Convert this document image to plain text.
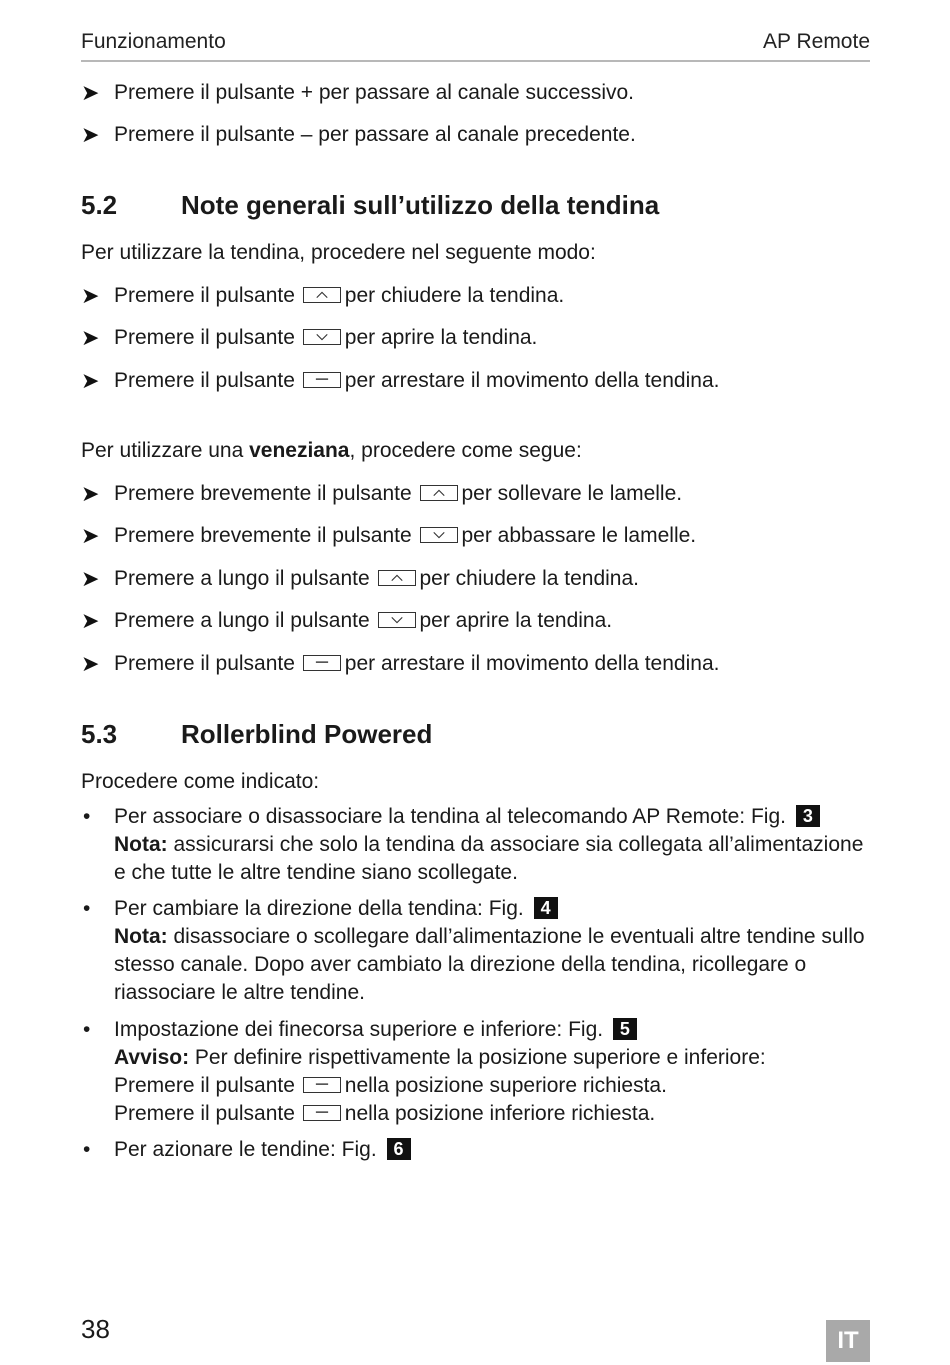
Funzionamento	AP Remote
➤ Premere il pulsante + per passare al canale successivo.
➤ Premere il pulsante – per passare al canale precedente.
5.2 Note generali sull’utilizzo della tendina
Per utilizzare la tendina, procedere nel seguente modo:
➤ Premere il pulsante per chiudere la tendina.
➤ Premere il pulsante per aprire la tendina.
➤ Premere il pulsante per arrestare il movimento della tendina.
Per utilizzare una veneziana, procedere come segue:
➤ Premere brevemente il pulsante per sollevare le lamelle.
➤ Premere brevemente il pulsante per abbassare le lamelle.
➤ Premere a lungo il pulsante per chiudere la tendina.
➤ Premere a lungo il pulsante per aprire la tendina.
➤ Premere il pulsante per arrestare il movimento della tendina.
5.3 Rollerblind Powered
Procedere come indicato:
• Per associare o disassociare la tendina al telecomando AP Remote: Fig. 3
Nota: assicurarsi che solo la tendina da associare sia collegata all’alimentazione e che tutte le altre tendine siano scollegate.
• Per cambiare la direzione della tendina: Fig. 4
Nota: disassociare o scollegare dall’alimentazione le eventuali altre tendine sullo stesso canale. Dopo aver cambiato la direzione della tendina, ricollegare o riassociare le altre tendine.
• Impostazione dei finecorsa superiore e inferiore: Fig. 5
Avviso: Per definire rispettivamente la posizione superiore e inferiore:
Premere il pulsante nella posizione superiore richiesta.
Premere il pulsante nella posizione inferiore richiesta.
• Per azionare le tendine: Fig. 6
38	IT
